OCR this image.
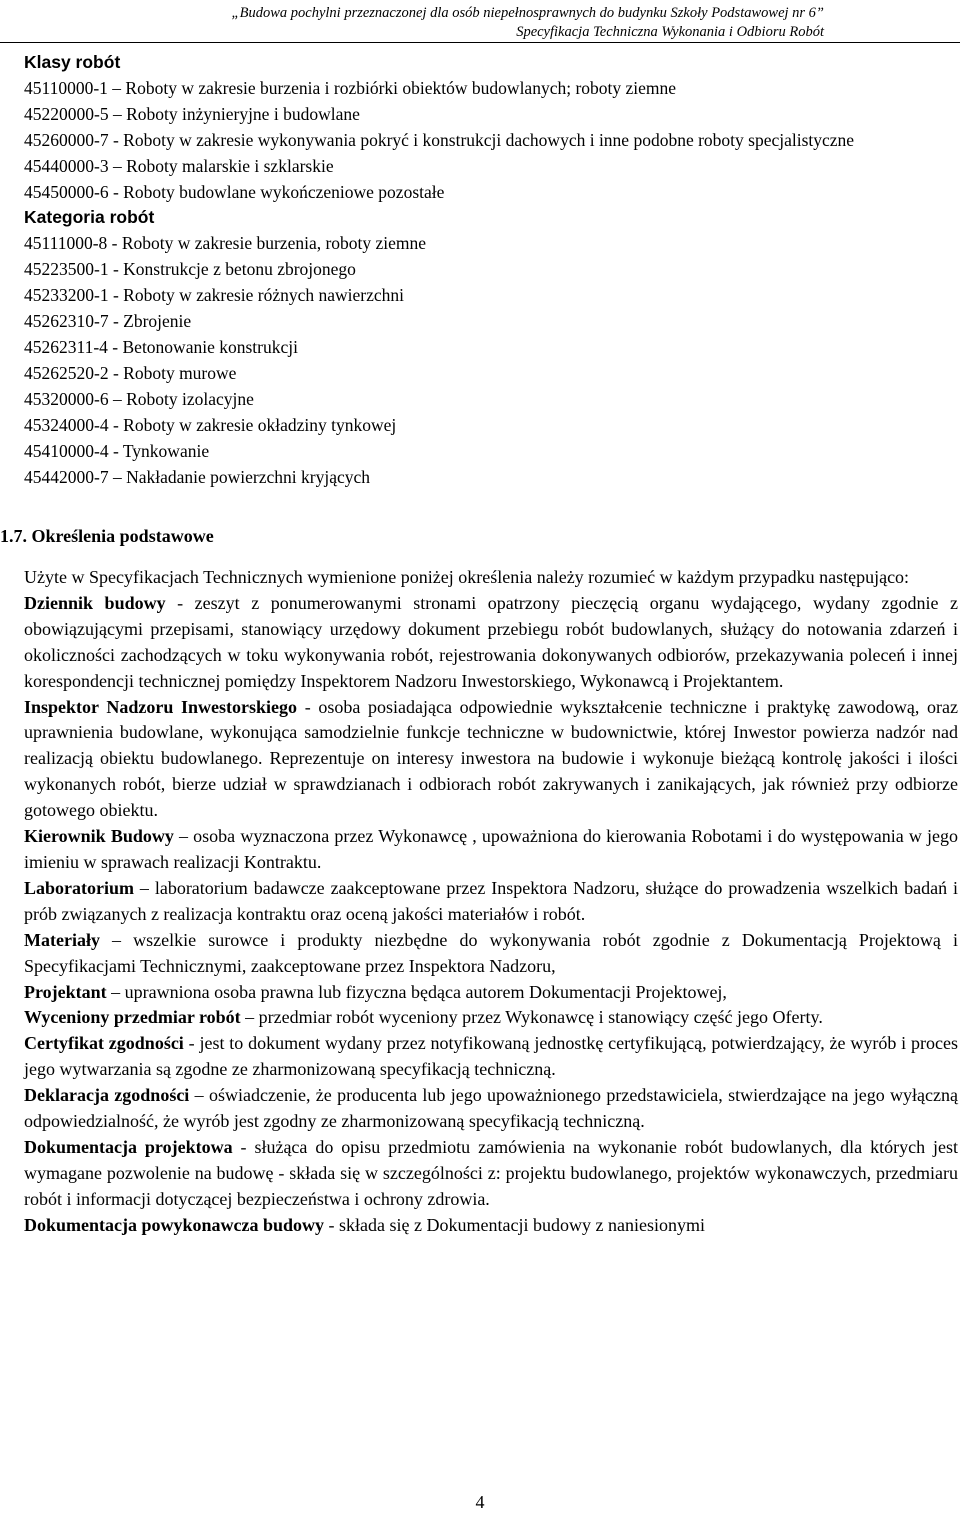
„Budowa pochylni przeznaczonej dla osób niepełnosprawnych do budynku Szkoły Podstawowej nr 6”
Specyfikacja Techniczna Wykonania i Odbioru Robót
Klasy robót
45110000-1 – Roboty w zakresie burzenia i rozbiórki obiektów budowlanych; roboty ziemne
45220000-5 – Roboty inżynieryjne i budowlane
45260000-7 - Roboty w zakresie wykonywania pokryć i konstrukcji dachowych i inne podobne roboty specjalistyczne
45440000-3 – Roboty malarskie i szklarskie
45450000-6 - Roboty budowlane wykończeniowe pozostałe
Kategoria robót
45111000-8 - Roboty w zakresie burzenia, roboty ziemne
45223500-1 - Konstrukcje z betonu zbrojonego
45233200-1 - Roboty w zakresie różnych nawierzchni
45262310-7 - Zbrojenie
45262311-4 - Betonowanie konstrukcji
45262520-2 - Roboty murowe
45320000-6 – Roboty izolacyjne
45324000-4 - Roboty w zakresie okładziny tynkowej
45410000-4 - Tynkowanie
45442000-7 – Nakładanie powierzchni kryjących
1.7. Określenia podstawowe

Użyte w Specyfikacjach Technicznych wymienione poniżej określenia należy rozumieć w każdym przypadku następująco:

Dziennik budowy - zeszyt z ponumerowanymi stronami opatrzony pieczęcią organu wydającego, wydany zgodnie z obowiązującymi przepisami, stanowiący urzędowy dokument przebiegu robót budowlanych, służący do notowania zdarzeń i okoliczności zachodzących w toku wykonywania robót, rejestrowania dokonywanych odbiorów, przekazywania poleceń i innej korespondencji technicznej pomiędzy Inspektorem Nadzoru Inwestorskiego, Wykonawcą i Projektantem.

Inspektor Nadzoru Inwestorskiego - osoba posiadająca odpowiednie wykształcenie techniczne i praktykę zawodową, oraz uprawnienia budowlane, wykonująca samodzielnie funkcje techniczne w budownictwie, której Inwestor powierza nadzór nad realizacją obiektu budowlanego. Reprezentuje on interesy inwestora na budowie i wykonuje bieżącą kontrolę jakości i ilości wykonanych robót, bierze udział w sprawdzianach i odbiorach robót zakrywanych i zanikających, jak również przy odbiorze gotowego obiektu.

Kierownik Budowy – osoba wyznaczona przez Wykonawcę , upoważniona do kierowania Robotami i do występowania w jego imieniu w sprawach realizacji Kontraktu.

Laboratorium – laboratorium badawcze zaakceptowane przez Inspektora Nadzoru, służące do prowadzenia wszelkich badań i prób związanych z realizacja kontraktu oraz oceną jakości materiałów i robót.

Materiały – wszelkie surowce i produkty niezbędne do wykonywania robót zgodnie z Dokumentacją Projektową i Specyfikacjami Technicznymi, zaakceptowane przez Inspektora Nadzoru,

Projektant – uprawniona osoba prawna lub fizyczna będąca autorem Dokumentacji Projektowej,

Wyceniony przedmiar robót – przedmiar robót wyceniony przez Wykonawcę i stanowiący część jego Oferty.

Certyfikat zgodności - jest to dokument wydany przez notyfikowaną jednostkę certyfikującą, potwierdzający, że wyrób i proces jego wytwarzania są zgodne ze zharmonizowaną specyfikacją techniczną.

Deklaracja zgodności – oświadczenie, że producenta lub jego upoważnionego przedstawiciela, stwierdzające na jego wyłączną odpowiedzialność, że wyrób jest zgodny ze zharmonizowaną specyfikacją techniczną.

Dokumentacja projektowa - służąca do opisu przedmiotu zamówienia na wykonanie robót budowlanych, dla których jest wymagane pozwolenie na budowę - składa się w szczególności z: projektu budowlanego, projektów wykonawczych, przedmiaru robót i informacji dotyczącej bezpieczeństwa i ochrony zdrowia.

Dokumentacja powykonawcza budowy - składa się z Dokumentacji budowy z naniesionymi

4
